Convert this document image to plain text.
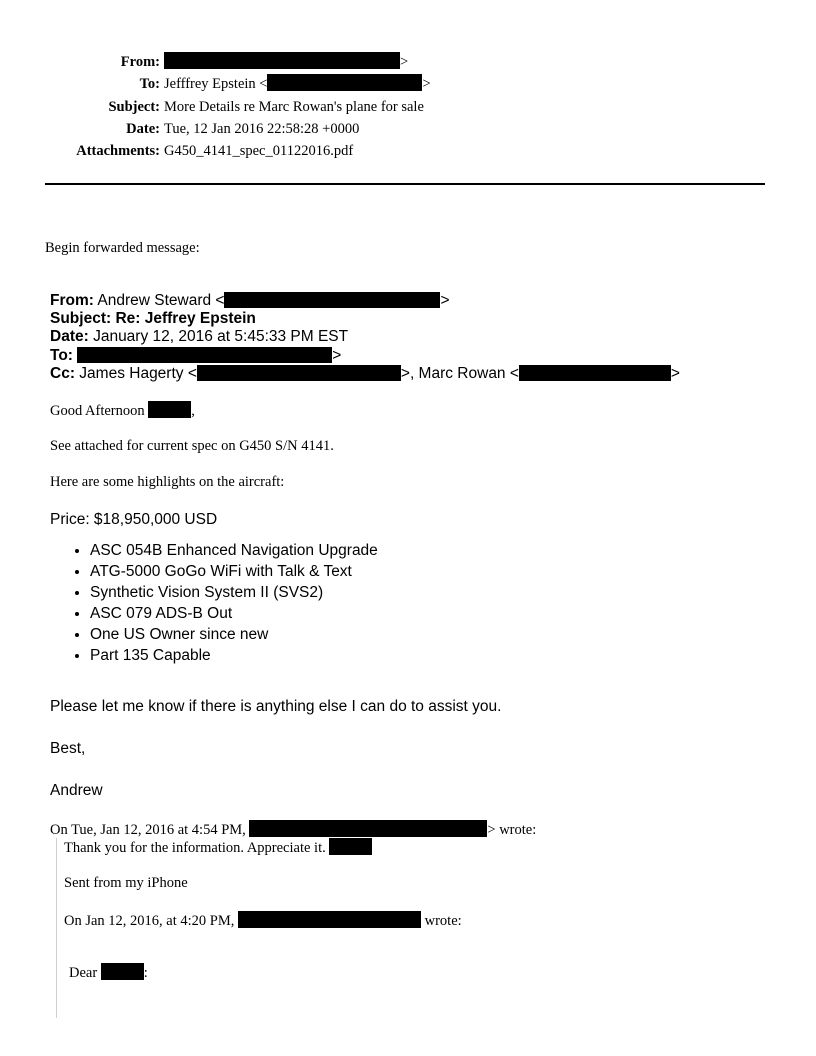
From:	>
To: Jefffrey Epstein <	>
Subject: More Details re Marc Rowan's plane for sale
Date: Tue, 12 Jan 2016 22:58:28 +0000
Attachments: G450_4141_spec_01122016.pdf
Begin forwarded message:
From: Andrew Steward <	>
Subject: Re: Jeffrey Epstein
Date: January 12, 2016 at 5:45:33 PM EST
To:	>
Cc: James Hagerty <	>, Marc Rowan <	>
Good Afternoon	,
See attached for current spec on G450 S/N 4141.
Here are some highlights on the aircraft:
Price: $18,950,000 USD
• ASC 054B Enhanced Navigation Upgrade
• ATG-5000 GoGo WiFi with Talk & Text
• Synthetic Vision System II (SVS2)
• ASC 079 ADS-B Out
• One US Owner since new
• Part 135 Capable
Please let me know if there is anything else I can do to assist you.
Best,
Andrew
On Tue, Jan 12, 2016 at 4:54 PM,	> wrote:
Thank you for the information. Appreciate it.
Sent from my iPhone
On Jan 12, 2016, at 4:20 PM,	wrote:
Dear	:
